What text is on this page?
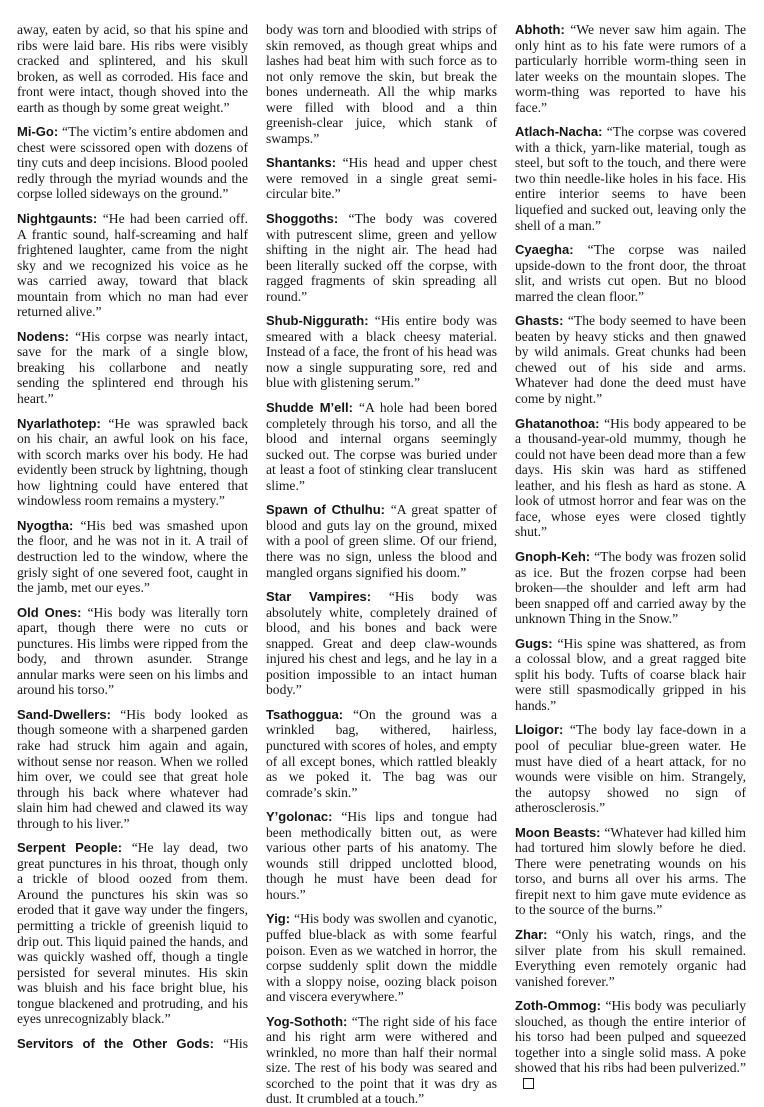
away, eaten by acid, so that his spine and ribs were laid bare. His ribs were visibly cracked and splintered, and his skull broken, as well as corroded. His face and front were intact, though shoved into the earth as though by some great weight.”

Mi-Go: “The victim’s entire abdomen and chest were scissored open with dozens of tiny cuts and deep incisions. Blood pooled redly through the myriad wounds and the corpse lolled sideways on the ground.”

Nightgaunts: “He had been carried off. A frantic sound, half-screaming and half frightened laughter, came from the night sky and we recognized his voice as he was carried away, toward that black mountain from which no man had ever returned alive.”

Nodens: “His corpse was nearly intact, save for the mark of a single blow, breaking his collarbone and neatly sending the splintered end through his heart.”

Nyarlathotep: “He was sprawled back on his chair, an awful look on his face, with scorch marks over his body. He had evidently been struck by lightning, though how lightning could have entered that windowless room remains a mystery.”

Nyogtha: “His bed was smashed upon the floor, and he was not in it. A trail of destruction led to the window, where the grisly sight of one severed foot, caught in the jamb, met our eyes.”

Old Ones: “His body was literally torn apart, though there were no cuts or punctures. His limbs were ripped from the body, and thrown asunder. Strange annular marks were seen on his limbs and around his torso.”

Sand-Dwellers: “His body looked as though someone with a sharpened garden rake had struck him again and again, without sense nor reason. When we rolled him over, we could see that great hole through his back where whatever had slain him had chewed and clawed its way through to his liver.”

Serpent People: “He lay dead, two great punctures in his throat, though only a trickle of blood oozed from them. Around the punctures his skin was so eroded that it gave way under the fingers, permitting a trickle of greenish liquid to drip out. This liquid pained the hands, and was quickly washed off, though a tingle persisted for several minutes. His skin was bluish and his face bright blue, his tongue blackened and protruding, and his eyes unrecognizably black.”

Servitors of the Other Gods: “His

body was torn and bloodied with strips of skin removed, as though great whips and lashes had beat him with such force as to not only remove the skin, but break the bones underneath. All the whip marks were filled with blood and a thin greenish-clear juice, which stank of swamps.”

Shantanks: “His head and upper chest were removed in a single great semi-circular bite.”

Shoggoths: “The body was covered with putrescent slime, green and yellow shifting in the night air. The head had been literally sucked off the corpse, with ragged fragments of skin spreading all round.”

Shub-Niggurath: “His entire body was smeared with a black cheesy material. Instead of a face, the front of his head was now a single suppurating sore, red and blue with glistening serum.”

Shudde M’ell: “A hole had been bored completely through his torso, and all the blood and internal organs seemingly sucked out. The corpse was buried under at least a foot of stinking clear translucent slime.”

Spawn of Cthulhu: “A great spatter of blood and guts lay on the ground, mixed with a pool of green slime. Of our friend, there was no sign, unless the blood and mangled organs signified his doom.”

Star Vampires: “His body was absolutely white, completely drained of blood, and his bones and back were snapped. Great and deep claw-wounds injured his chest and legs, and he lay in a position impossible to an intact human body.”

Tsathoggua: “On the ground was a wrinkled bag, withered, hairless, punctured with scores of holes, and empty of all except bones, which rattled bleakly as we poked it. The bag was our comrade’s skin.”

Y’golonac: “His lips and tongue had been methodically bitten out, as were various other parts of his anatomy. The wounds still dripped unclotted blood, though he must have been dead for hours.”

Yig: “His body was swollen and cyanotic, puffed blue-black as with some fearful poison. Even as we watched in horror, the corpse suddenly split down the middle with a sloppy noise, oozing black poison and viscera everywhere.”

Yog-Sothoth: “The right side of his face and his right arm were withered and wrinkled, no more than half their normal size. The rest of his body was seared and scorched to the point that it was dry as dust. It crumbled at a touch.”

Abhoth: “We never saw him again. The only hint as to his fate were rumors of a particularly horrible worm-thing seen in later weeks on the mountain slopes. The worm-thing was reported to have his face.”

Atlach-Nacha: “The corpse was covered with a thick, yarn-like material, tough as steel, but soft to the touch, and there were two thin needle-like holes in his face. His entire interior seems to have been liquefied and sucked out, leaving only the shell of a man.”

Cyaegha: “The corpse was nailed upside-down to the front door, the throat slit, and wrists cut open. But no blood marred the clean floor.”

Ghasts: “The body seemed to have been beaten by heavy sticks and then gnawed by wild animals. Great chunks had been chewed out of his side and arms. Whatever had done the deed must have come by night.”

Ghatanothoa: “His body appeared to be a thousand-year-old mummy, though he could not have been dead more than a few days. His skin was hard as stiffened leather, and his flesh as hard as stone. A look of utmost horror and fear was on the face, whose eyes were closed tightly shut.”

Gnoph-Keh: “The body was frozen solid as ice. But the frozen corpse had been broken—the shoulder and left arm had been snapped off and carried away by the unknown Thing in the Snow.”

Gugs: “His spine was shattered, as from a colossal blow, and a great ragged bite split his body. Tufts of coarse black hair were still spasmodically gripped in his hands.”

Lloigor: “The body lay face-down in a pool of peculiar blue-green water. He must have died of a heart attack, for no wounds were visible on him. Strangely, the autopsy showed no sign of atherosclerosis.”

Moon Beasts: “Whatever had killed him had tortured him slowly before he died. There were penetrating wounds on his torso, and burns all over his arms. The firepit next to him gave mute evidence as to the source of the burns.”

Zhar: “Only his watch, rings, and the silver plate from his skull remained. Everything even remotely organic had vanished forever.”

Zoth-Ommog: “His body was peculiarly slouched, as though the entire interior of his torso had been pulped and squeezed together into a single solid mass. A poke showed that his ribs had been pulverized.”
